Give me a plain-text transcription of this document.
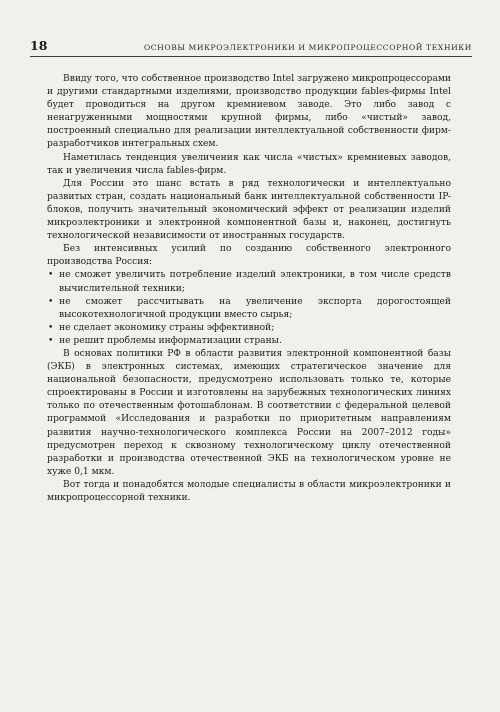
18	ОСНОВЫ МИКРОЭЛЕКТРОНИКИ И МИКРОПРОЦЕССОРНОЙ ТЕХНИКИ

Ввиду того, что собственное производство Intel загружено микропроцессорами и другими стандартными изделиями, производство продукции fables-фирмы Intel будет проводиться на другом кремниевом заводе. Это либо завод с ненагруженными мощностями крупной фирмы, либо «чистый» завод, построенный специально для реализации интеллектуальной собственности фирм-разработчиков интегральных схем.

Наметилась тенденция увеличения как числа «чистых» кремниевых заводов, так и увеличения числа fables-фирм.

Для России это шанс встать в ряд технологически и интеллектуально развитых стран, создать национальный банк интеллектуальной собственности IP-блоков, получить значительный экономический эффект от реализации изделий микроэлектроники и электронной компонентной базы и, наконец, достигнуть технологической независимости от иностранных государств.

Без интенсивных усилий по созданию собственного электронного производства Россия:

• не сможет увеличить потребление изделий электроники, в том числе средств вычислительной техники;
• не сможет рассчитывать на увеличение экспорта дорогостоящей высокотехнологичной продукции вместо сырья;
• не сделает экономику страны эффективной;
• не решит проблемы информатизации страны.

В основах политики РФ в области развития электронной компонентной базы (ЭКБ) в электронных системах, имеющих стратегическое значение для национальной безопасности, предусмотрено использовать только те, которые спроектированы в России и изготовлены на зарубежных технологических линиях только по отечественным фотошаблонам. В соответствии с федеральной целевой программой «Исследования и разработки по приоритетным направлениям развития научно-технологического комплекса России на 2007–2012 годы» предусмотрен переход к сквозному технологическому циклу отечественной разработки и производства отечественной ЭКБ на технологическом уровне не хуже 0,1 мкм.

Вот тогда и понадобятся молодые специалисты в области микроэлектроники и микропроцессорной техники.
